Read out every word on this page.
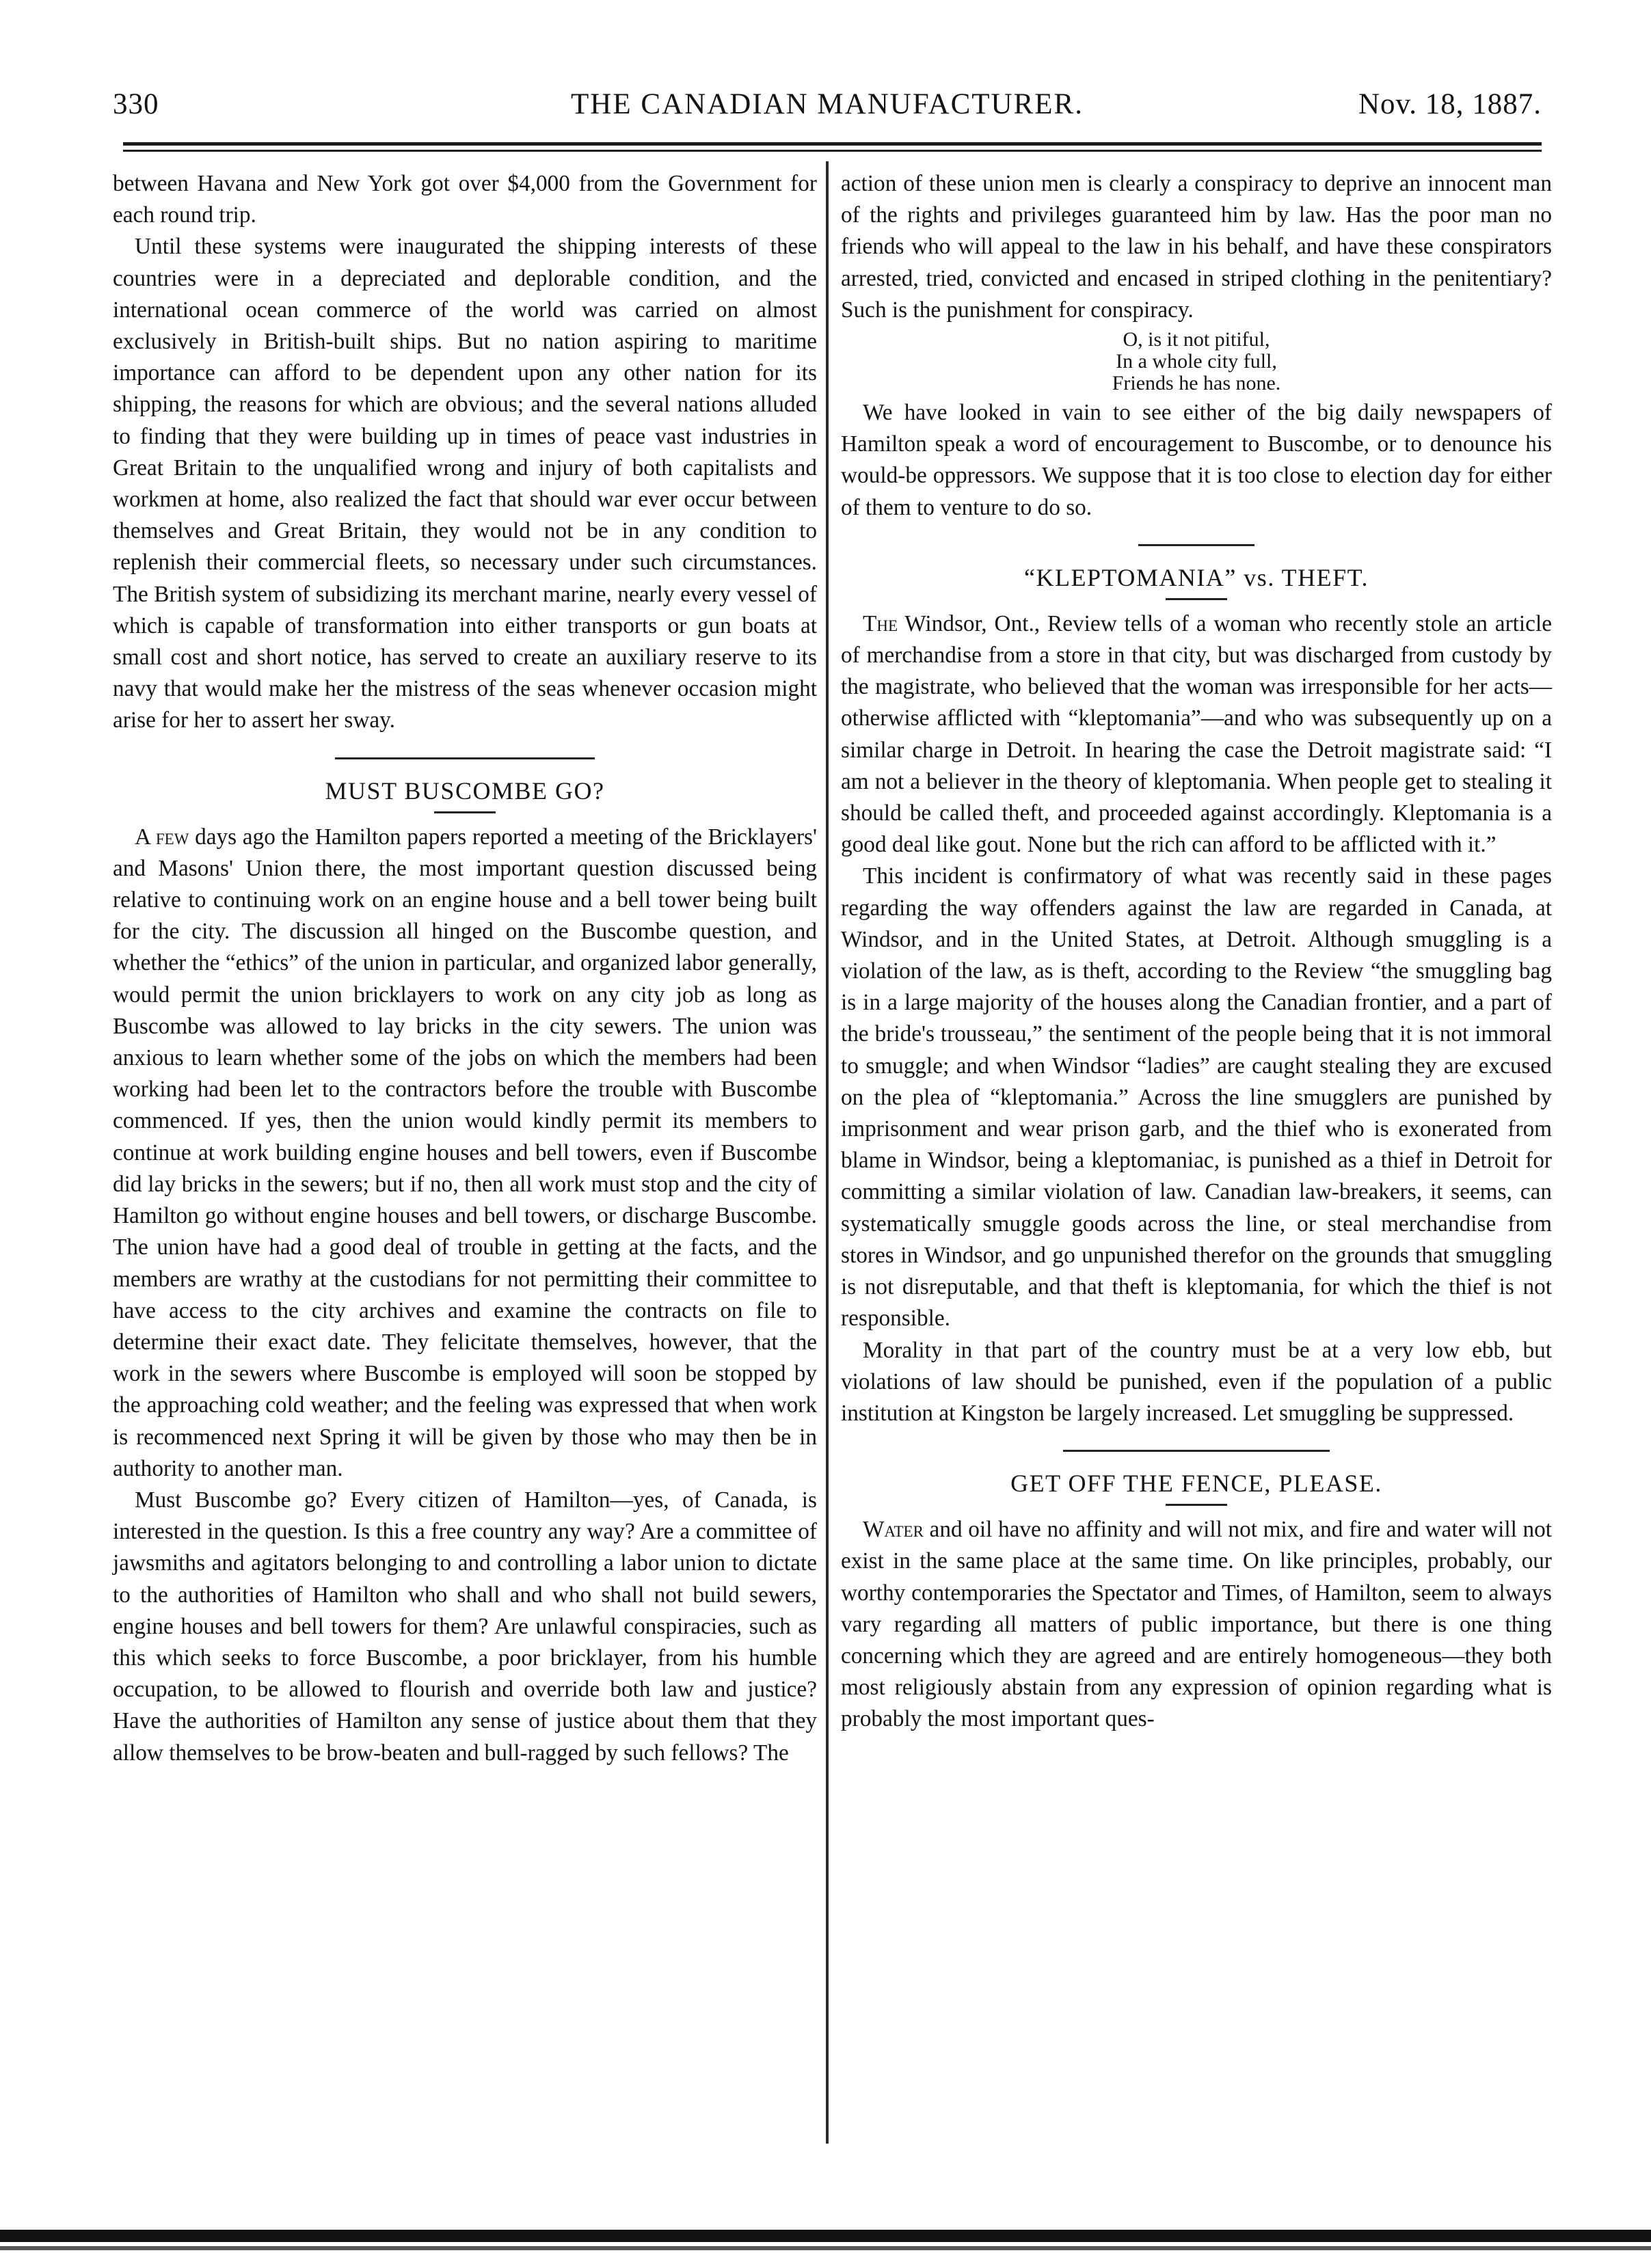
330	THE CANADIAN MANUFACTURER.	Nov. 18, 1887.

between Havana and New York got over $4,000 from the Government for each round trip.

Until these systems were inaugurated the shipping interests of these countries were in a depreciated and deplorable condition, and the international ocean commerce of the world was carried on almost exclusively in British-built ships. But no nation aspiring to maritime importance can afford to be dependent upon any other nation for its shipping, the reasons for which are obvious; and the several nations alluded to finding that they were building up in times of peace vast industries in Great Britain to the unqualified wrong and injury of both capitalists and workmen at home, also realized the fact that should war ever occur between themselves and Great Britain, they would not be in any condition to replenish their commercial fleets, so necessary under such circumstances. The British system of subsidizing its merchant marine, nearly every vessel of which is capable of transformation into either transports or gun boats at small cost and short notice, has served to create an auxiliary reserve to its navy that would make her the mistress of the seas whenever occasion might arise for her to assert her sway.

MUST BUSCOMBE GO?

A few days ago the Hamilton papers reported a meeting of the Bricklayers' and Masons' Union there, the most important question discussed being relative to continuing work on an engine house and a bell tower being built for the city. The discussion all hinged on the Buscombe question, and whether the “ethics” of the union in particular, and organized labor generally, would permit the union bricklayers to work on any city job as long as Buscombe was allowed to lay bricks in the city sewers. The union was anxious to learn whether some of the jobs on which the members had been working had been let to the contractors before the trouble with Buscombe commenced. If yes, then the union would kindly permit its members to continue at work building engine houses and bell towers, even if Buscombe did lay bricks in the sewers; but if no, then all work must stop and the city of Hamilton go without engine houses and bell towers, or discharge Buscombe. The union have had a good deal of trouble in getting at the facts, and the members are wrathy at the custodians for not permitting their committee to have access to the city archives and examine the contracts on file to determine their exact date. They felicitate themselves, however, that the work in the sewers where Buscombe is employed will soon be stopped by the approaching cold weather; and the feeling was expressed that when work is recommenced next Spring it will be given by those who may then be in authority to another man.

Must Buscombe go? Every citizen of Hamilton—yes, of Canada, is interested in the question. Is this a free country any way? Are a committee of jawsmiths and agitators belonging to and controlling a labor union to dictate to the authorities of Hamilton who shall and who shall not build sewers, engine houses and bell towers for them? Are unlawful conspiracies, such as this which seeks to force Buscombe, a poor bricklayer, from his humble occupation, to be allowed to flourish and override both law and justice? Have the authorities of Hamilton any sense of justice about them that they allow themselves to be brow-beaten and bull-ragged by such fellows? The

action of these union men is clearly a conspiracy to deprive an innocent man of the rights and privileges guaranteed him by law. Has the poor man no friends who will appeal to the law in his behalf, and have these conspirators arrested, tried, convicted and encased in striped clothing in the penitentiary? Such is the punishment for conspiracy.

O, is it not pitiful,
In a whole city full,
Friends he has none.

We have looked in vain to see either of the big daily newspapers of Hamilton speak a word of encouragement to Buscombe, or to denounce his would-be oppressors. We suppose that it is too close to election day for either of them to venture to do so.

“KLEPTOMANIA” vs. THEFT.

The Windsor, Ont., Review tells of a woman who recently stole an article of merchandise from a store in that city, but was discharged from custody by the magistrate, who believed that the woman was irresponsible for her acts—otherwise afflicted with “kleptomania”—and who was subsequently up on a similar charge in Detroit. In hearing the case the Detroit magistrate said: “I am not a believer in the theory of kleptomania. When people get to stealing it should be called theft, and proceeded against accordingly. Kleptomania is a good deal like gout. None but the rich can afford to be afflicted with it.”

This incident is confirmatory of what was recently said in these pages regarding the way offenders against the law are regarded in Canada, at Windsor, and in the United States, at Detroit. Although smuggling is a violation of the law, as is theft, according to the Review “the smuggling bag is in a large majority of the houses along the Canadian frontier, and a part of the bride's trousseau,” the sentiment of the people being that it is not immoral to smuggle; and when Windsor “ladies” are caught stealing they are excused on the plea of “kleptomania.” Across the line smugglers are punished by imprisonment and wear prison garb, and the thief who is exonerated from blame in Windsor, being a kleptomaniac, is punished as a thief in Detroit for committing a similar violation of law. Canadian law-breakers, it seems, can systematically smuggle goods across the line, or steal merchandise from stores in Windsor, and go unpunished therefor on the grounds that smuggling is not disreputable, and that theft is kleptomania, for which the thief is not responsible.

Morality in that part of the country must be at a very low ebb, but violations of law should be punished, even if the population of a public institution at Kingston be largely increased. Let smuggling be suppressed.

GET OFF THE FENCE, PLEASE.

Water and oil have no affinity and will not mix, and fire and water will not exist in the same place at the same time. On like principles, probably, our worthy contemporaries the Spectator and Times, of Hamilton, seem to always vary regarding all matters of public importance, but there is one thing concerning which they are agreed and are entirely homogeneous—they both most religiously abstain from any expression of opinion regarding what is probably the most important ques-
